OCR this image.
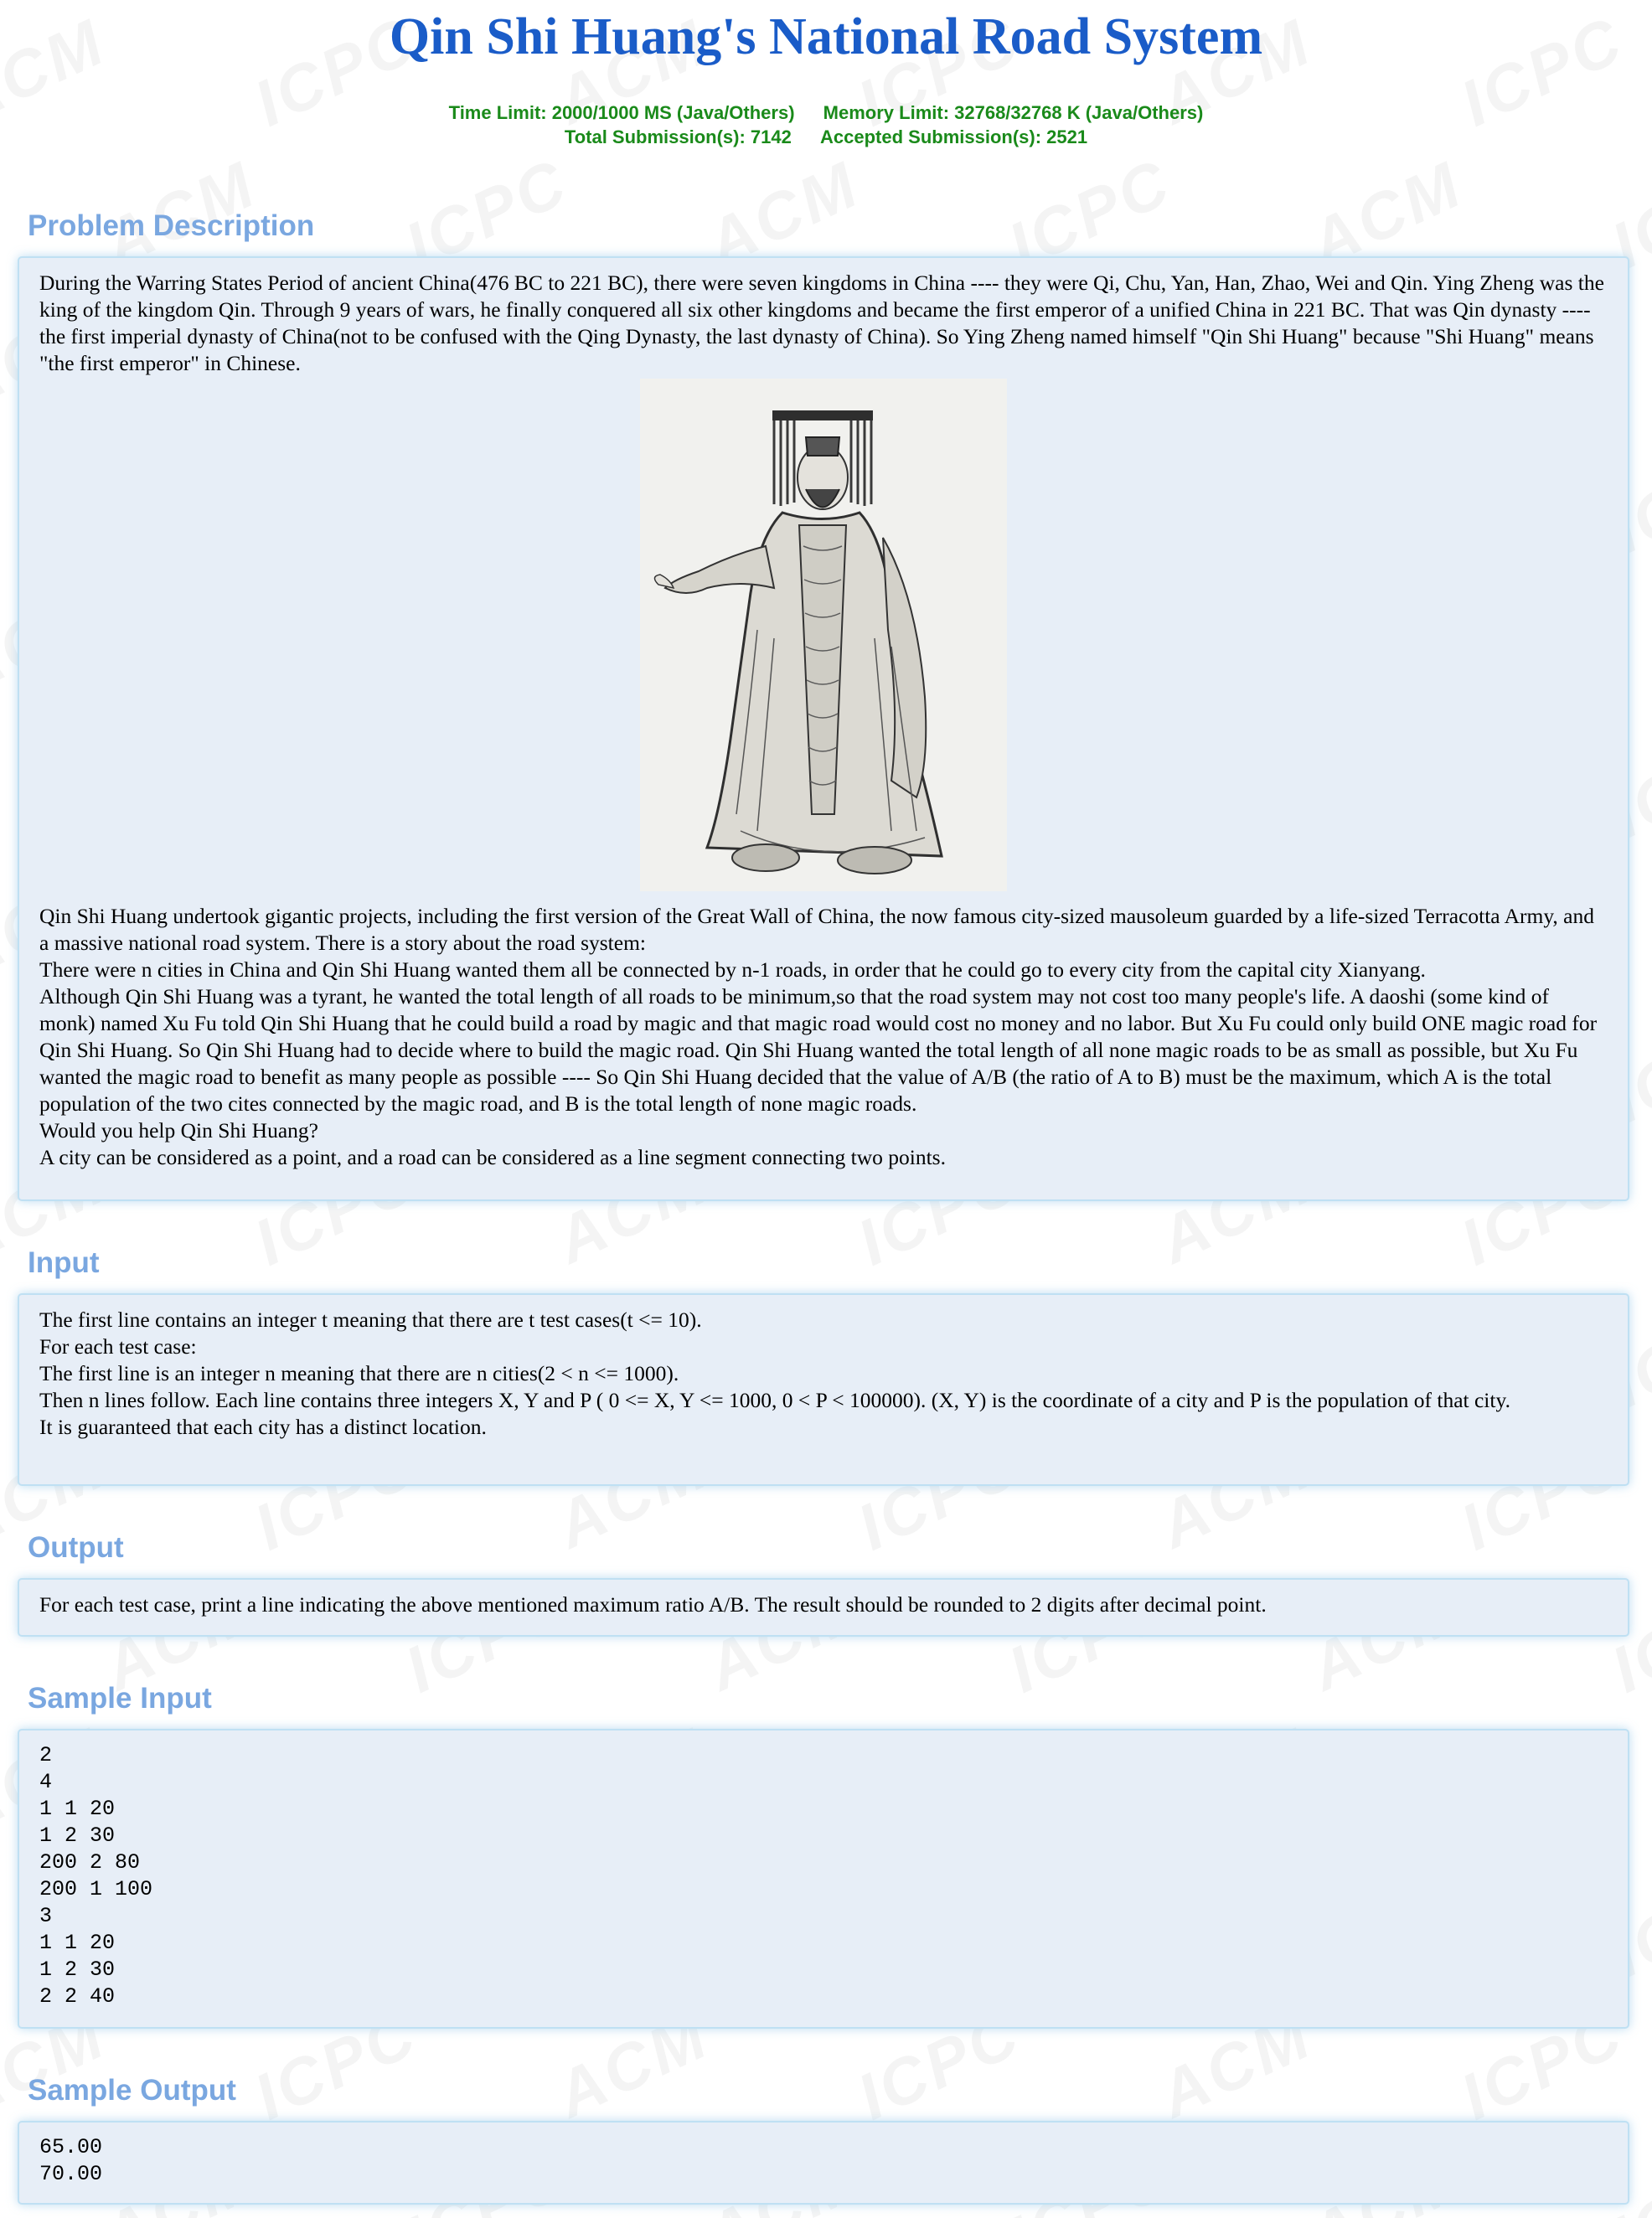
Qin Shi Huang's National Road System
Time Limit: 2000/1000 MS (Java/Others) Memory Limit: 32768/32768 K (Java/Others)
Total Submission(s): 7142 Accepted Submission(s): 2521
Problem Description

During the Warring States Period of ancient China(476 BC to 221 BC), there were seven kingdoms in China ---- they were Qi, Chu, Yan, Han, Zhao, Wei and Qin. Ying Zheng was the king of the kingdom Qin. Through 9 years of wars, he finally conquered all six other kingdoms and became the first emperor of a unified China in 221 BC. That was Qin dynasty ---- the first imperial dynasty of China(not to be confused with the Qing Dynasty, the last dynasty of China). So Ying Zheng named himself "Qin Shi Huang" because "Shi Huang" means "the first emperor" in Chinese.

Qin Shi Huang undertook gigantic projects, including the first version of the Great Wall of China, the now famous city-sized mausoleum guarded by a life-sized Terracotta Army, and a massive national road system. There is a story about the road system:

There were n cities in China and Qin Shi Huang wanted them all be connected by n-1 roads, in order that he could go to every city from the capital city Xianyang.

Although Qin Shi Huang was a tyrant, he wanted the total length of all roads to be minimum,so that the road system may not cost too many people's life. A daoshi (some kind of monk) named Xu Fu told Qin Shi Huang that he could build a road by magic and that magic road would cost no money and no labor. But Xu Fu could only build ONE magic road for Qin Shi Huang. So Qin Shi Huang had to decide where to build the magic road. Qin Shi Huang wanted the total length of all none magic roads to be as small as possible, but Xu Fu wanted the magic road to benefit as many people as possible ---- So Qin Shi Huang decided that the value of A/B (the ratio of A to B) must be the maximum, which A is the total population of the two cites connected by the magic road, and B is the total length of none magic roads.

Would you help Qin Shi Huang?

A city can be considered as a point, and a road can be considered as a line segment connecting two points.

Input

The first line contains an integer t meaning that there are t test cases(t <= 10).

For each test case:

The first line is an integer n meaning that there are n cities(2 < n <= 1000).

Then n lines follow. Each line contains three integers X, Y and P ( 0 <= X, Y <= 1000, 0 < P < 100000). (X, Y) is the coordinate of a city and P is the population of that city.

It is guaranteed that each city has a distinct location.

Output

For each test case, print a line indicating the above mentioned maximum ratio A/B. The result should be rounded to 2 digits after decimal point.

Sample Input
2
4
1 1 20
1 2 30
200 2 80
200 1 100
3
1 1 20
1 2 30
2 2 40
Sample Output
65.00
70.00
